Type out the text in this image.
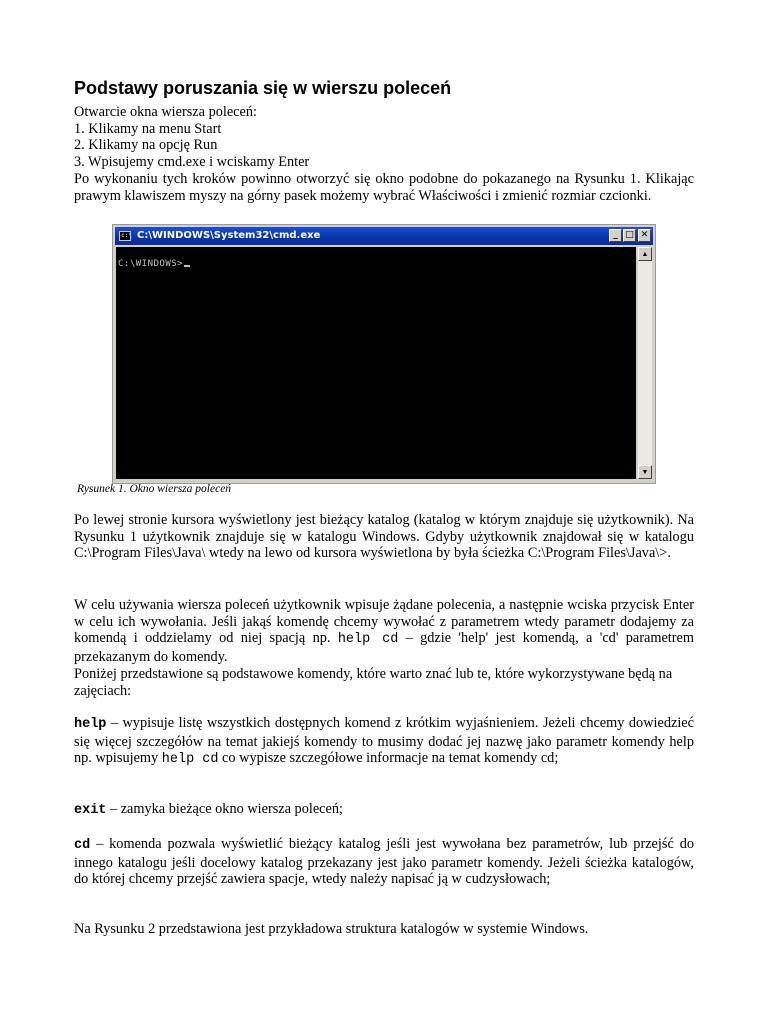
Podstawy poruszania się w wierszu poleceń
Otwarcie okna wiersza poleceń:
1. Klikamy na menu Start
2. Klikamy na opcję Run
3. Wpisujemy cmd.exe i wciskamy Enter
Po wykonaniu tych kroków powinno otworzyć się okno podobne do pokazanego na Rysunku 1. Klikając prawym klawiszem myszy na górny pasek możemy wybrać Właściwości i zmienić rozmiar czcionki.
c:\ C:\WINDOWS\System32\cmd.exe	_ □ ✕
C:\WINDOWS>
▲
▼
Rysunek 1. Okno wiersza poleceń
Po lewej stronie kursora wyświetlony jest bieżący katalog (katalog w którym znajduje się użytkownik). Na Rysunku 1 użytkownik znajduje się w katalogu Windows. Gdyby użytkownik znajdował się w katalogu C:\Program Files\Java\ wtedy na lewo od kursora wyświetlona by była ścieżka C:\Program Files\Java\>.
W celu używania wiersza poleceń użytkownik wpisuje żądane polecenia, a następnie wciska przycisk Enter w celu ich wywołania. Jeśli jakąś komendę chcemy wywołać z parametrem wtedy parametr dodajemy za komendą i oddzielamy od niej spacją np. help cd – gdzie 'help' jest komendą, a 'cd' parametrem przekazanym do komendy.
Poniżej przedstawione są podstawowe komendy, które warto znać lub te, które wykorzystywane będą na zajęciach:
help – wypisuje listę wszystkich dostępnych komend z krótkim wyjaśnieniem. Jeżeli chcemy dowiedzieć się więcej szczegółów na temat jakiejś komendy to musimy dodać jej nazwę jako parametr komendy help np. wpisujemy help cd co wypisze szczegółowe informacje na temat komendy cd;
exit – zamyka bieżące okno wiersza poleceń;
cd – komenda pozwala wyświetlić bieżący katalog jeśli jest wywołana bez parametrów, lub przejść do innego katalogu jeśli docelowy katalog przekazany jest jako parametr komendy. Jeżeli ścieżka katalogów, do której chcemy przejść zawiera spacje, wtedy należy napisać ją w cudzysłowach;
Na Rysunku 2 przedstawiona jest przykładowa struktura katalogów w systemie Windows.
